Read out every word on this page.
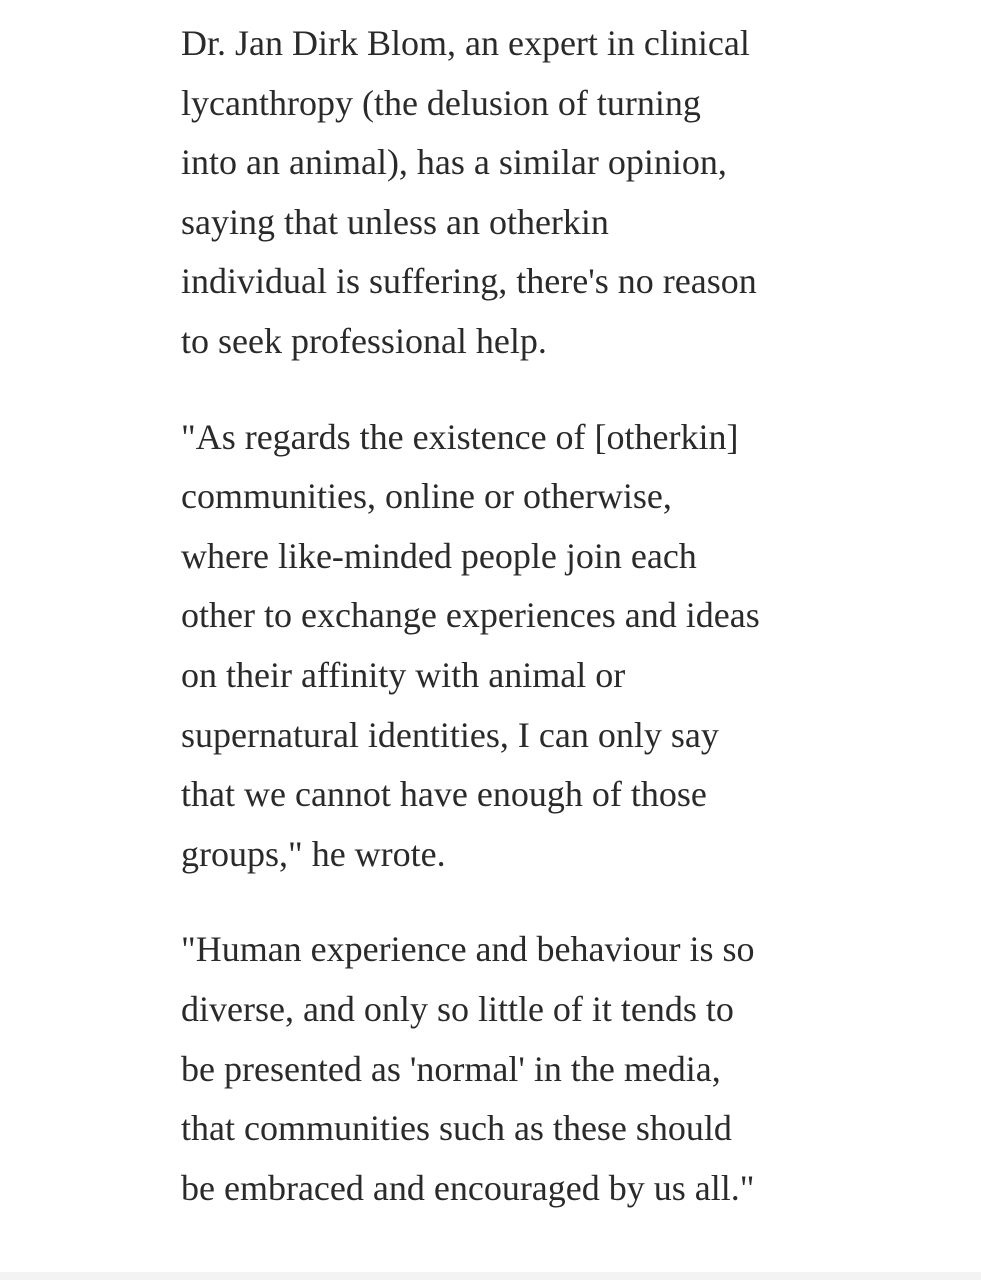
Dr. Jan Dirk Blom, an expert in clinical
lycanthropy (the delusion of turning
into an animal), has a similar opinion,
saying that unless an otherkin
individual is suffering, there's no reason
to seek professional help.

"As regards the existence of [otherkin]
communities, online or otherwise,
where like-minded people join each
other to exchange experiences and ideas
on their affinity with animal or
supernatural identities, I can only say
that we cannot have enough of those
groups," he wrote.

"Human experience and behaviour is so
diverse, and only so little of it tends to
be presented as 'normal' in the media,
that communities such as these should
be embraced and encouraged by us all."
